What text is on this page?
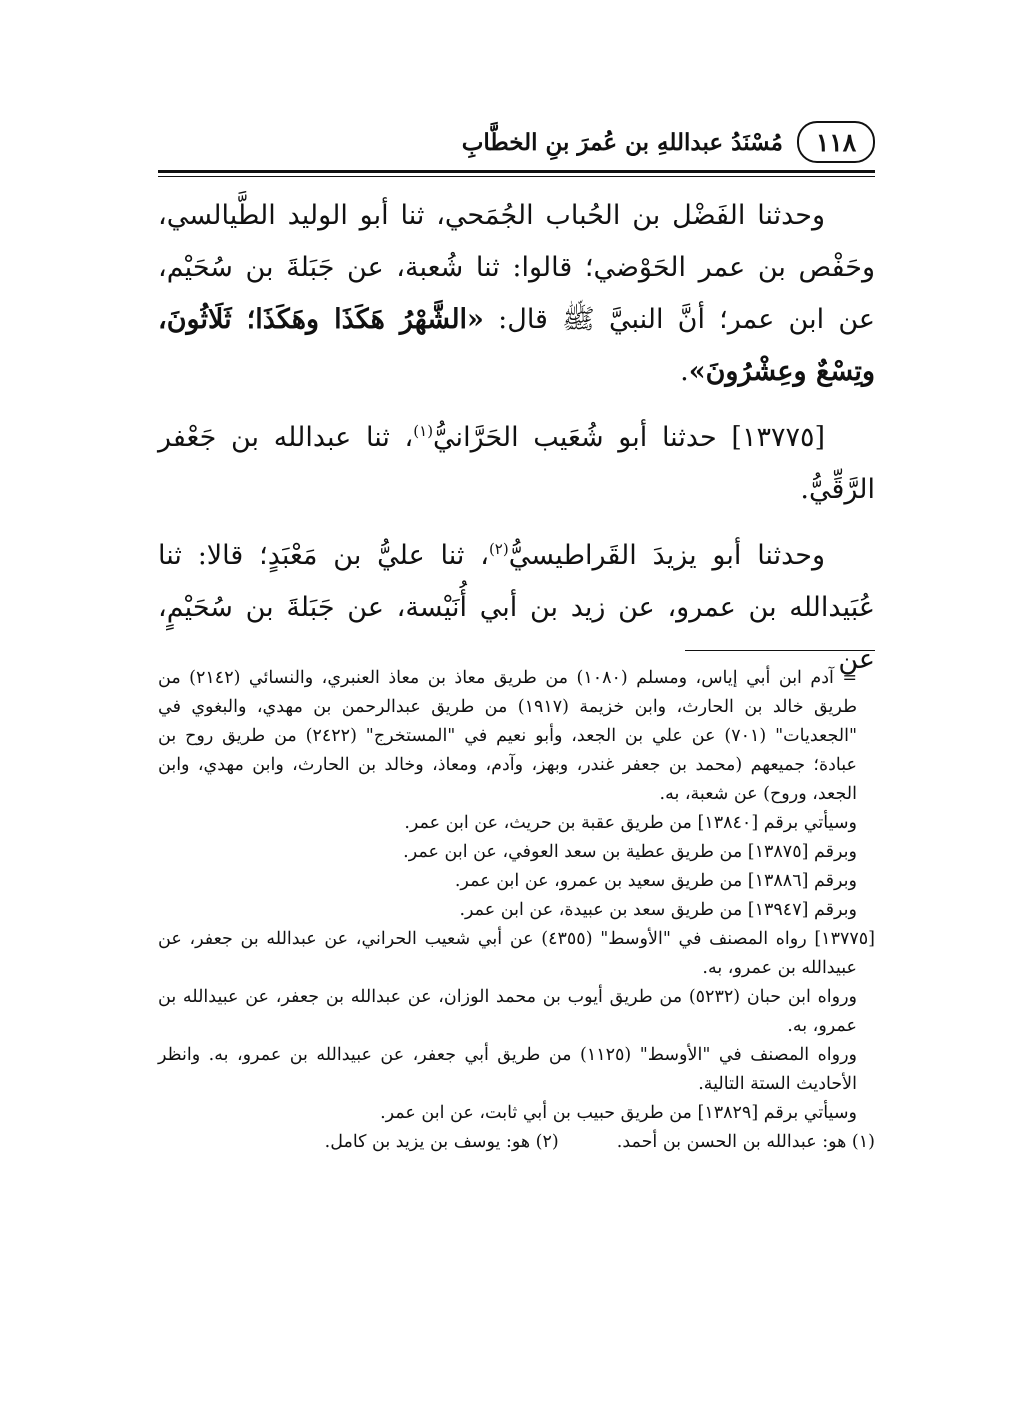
١١٨
مُسْنَدُ عبداللهِ بن عُمرَ بنِ الخطَّابِ

وحدثنا الفَضْل بن الحُباب الجُمَحي، ثنا أبو الوليد الطَّيالسي، وحَفْص بن عمر الحَوْضي؛ قالوا: ثنا شُعبة، عن جَبَلةَ بن سُحَيْم، عن ابن عمر؛ أنَّ النبيَّ ﷺ قال: «الشَّهْرُ هَكَذَا وهَكَذَا؛ ثَلَاثُونَ، وتِسْعٌ وعِشْرُونَ».

[١٣٧٧٥] حدثنا أبو شُعَيب الحَرَّانيُّ$^{(١)}$، ثنا عبدالله بن جَعْفر الرَّقِّيُّ.

وحدثنا أبو يزيدَ القَراطيسيُّ$^{(٢)}$، ثنا عليُّ بن مَعْبَدٍ؛ قالا: ثنا عُبَيدالله بن عمرو، عن زيد بن أبي أُنَيْسة، عن جَبَلةَ بن سُحَيْمٍ، عن

= آدم ابن أبي إياس، ومسلم (١٠٨٠) من طريق معاذ بن معاذ العنبري، والنسائي (٢١٤٢) من طريق خالد بن الحارث، وابن خزيمة (١٩١٧) من طريق عبدالرحمن بن مهدي، والبغوي في "الجعديات" (٧٠١) عن علي بن الجعد، وأبو نعيم في "المستخرج" (٢٤٢٢) من طريق روح بن عبادة؛ جميعهم (محمد بن جعفر غندر، وبهز، وآدم، ومعاذ، وخالد بن الحارث، وابن مهدي، وابن الجعد، وروح) عن شعبة، به.

وسيأتي برقم [١٣٨٤٠] من طريق عقبة بن حريث، عن ابن عمر.

وبرقم [١٣٨٧٥] من طريق عطية بن سعد العوفي، عن ابن عمر.

وبرقم [١٣٨٨٦] من طريق سعيد بن عمرو، عن ابن عمر.

وبرقم [١٣٩٤٧] من طريق سعد بن عبيدة، عن ابن عمر.

[١٣٧٧٥] رواه المصنف في "الأوسط" (٤٣٥٥) عن أبي شعيب الحراني، عن عبدالله بن جعفر، عن عبيدالله بن عمرو، به.

ورواه ابن حبان (٥٢٣٢) من طريق أيوب بن محمد الوزان، عن عبدالله بن جعفر، عن عبيدالله بن عمرو، به.

ورواه المصنف في "الأوسط" (١١٢٥) من طريق أبي جعفر، عن عبيدالله بن عمرو، به. وانظر الأحاديث الستة التالية.

وسيأتي برقم [١٣٨٢٩] من طريق حبيب بن أبي ثابت، عن ابن عمر.

(١) هو: عبدالله بن الحسن بن أحمد.
(٢) هو: يوسف بن يزيد بن كامل.
